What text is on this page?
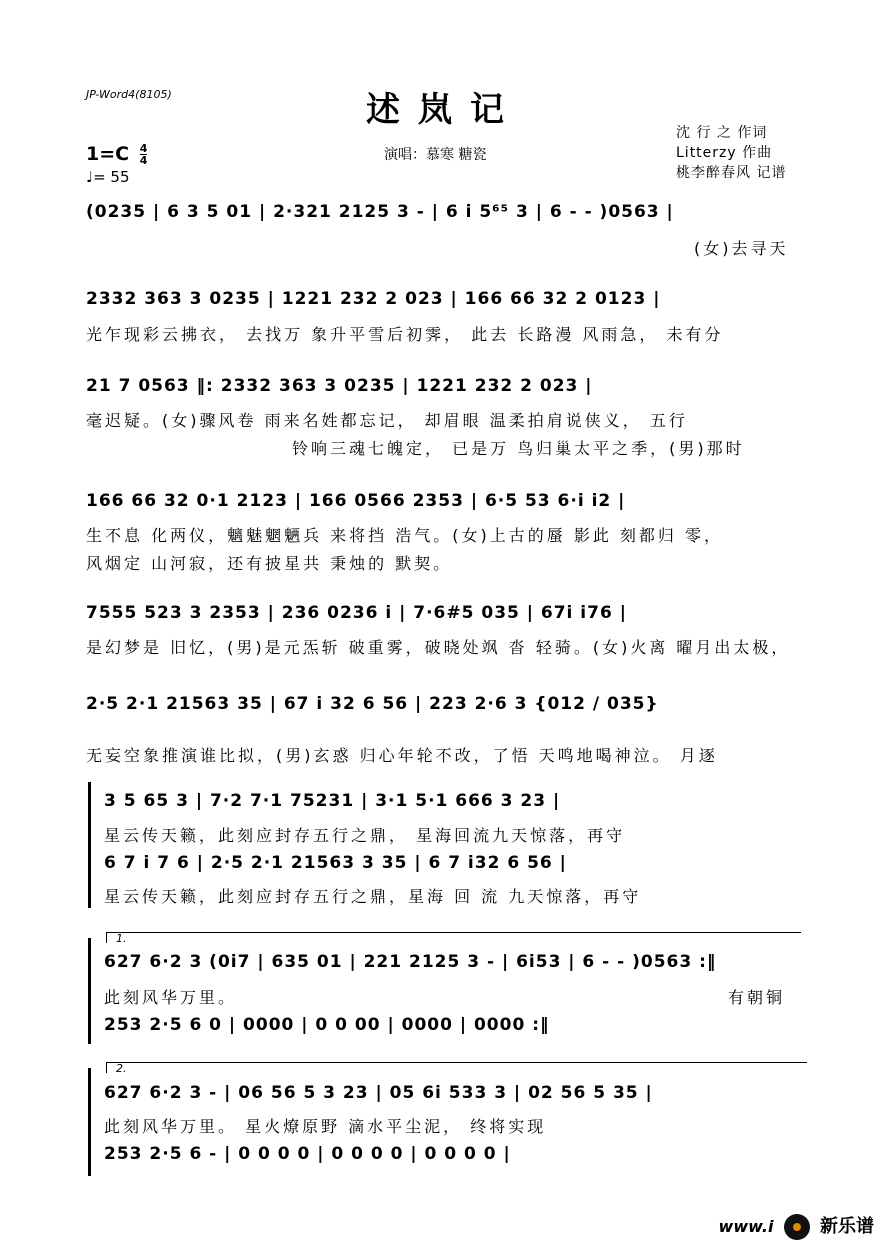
JP-Word4(8105)	述岚记
演唱：慕寒 糖瓷
沈 行 之 作词
Litterzy 作曲
桃李醉春风 记谱
$1=C \frac{4}{4}$
♩= 55
(0235 | 6 3 5 01 | 2·321 2125 3 - | 6 i 5⁶⁵ 3 | 6 - - )0563 |
(女)去寻天
2332 363 3 0235 | 1221 232 2 023 | 166 66 32 2 0123 |
光乍现彩云拂衣， 去找万 象升平雪后初霁， 此去 长路漫 风雨急， 未有分
21 7 0563 ‖: 2332 363 3 0235 | 1221 232 2 023 |
毫迟疑。(女)骤风卷 雨来名姓都忘记， 却眉眼 温柔拍肩说侠义， 五行
铃响三魂七魄定， 已是万 鸟归巢太平之季，(男)那时
166 66 32 0·1 2123 | 166 0566 2353 | 6·5 53 6·i i2 |
生不息 化两仪，魑魅魍魉兵 来将挡 浩气。(女)上古的蜃 影此 刻都归 零，
风烟定 山河寂，还有披星共 秉烛的 默契。
7555 523 3 2353 | 236 0236 i | 7·6#5 035 | 67i i76 |
是幻梦是 旧忆，(男)是元炁斩 破重雾，破晓处飒 沓 轻骑。(女)火离 曜月出太极，
2·5 2·1 21563 35 | 67 i 32 6 56 | 223 2·6 3 {012 / 035}
无妄空象推演谁比拟，(男)玄惑 归心年轮不改，了悟 天鸣地喝神泣。 月逐
3 5 65 3 | 7·2 7·1 75231 | 3·1 5·1 666 3 23 |
星云传天籁，此刻应封存五行之鼎， 星海回流九天惊落，再守
6 7 i 7 6 | 2·5 2·1 21563 3 35 | 6 7 i32 6 56 |
星云传天籁，此刻应封存五行之鼎，星海 回 流 九天惊落，再守
1.
627 6·2 3 (0i7 | 635 01 | 221 2125 3 - | 6i53 | 6 - - )0563 :‖
此刻风华万里。	有朝铜
253 2·5 6 0 | 0000 | 0 0 00 | 0000 | 0000 :‖
2.
627 6·2 3 - | 06 56 5 3 23 | 05 6i 533 3 | 02 56 5 35 |
此刻风华万里。 星火燎原野 滴水平尘泥， 终将实现
253 2·5 6 - | 0 0 0 0 | 0 0 0 0 | 0 0 0 0 |
www.i	新乐谱
